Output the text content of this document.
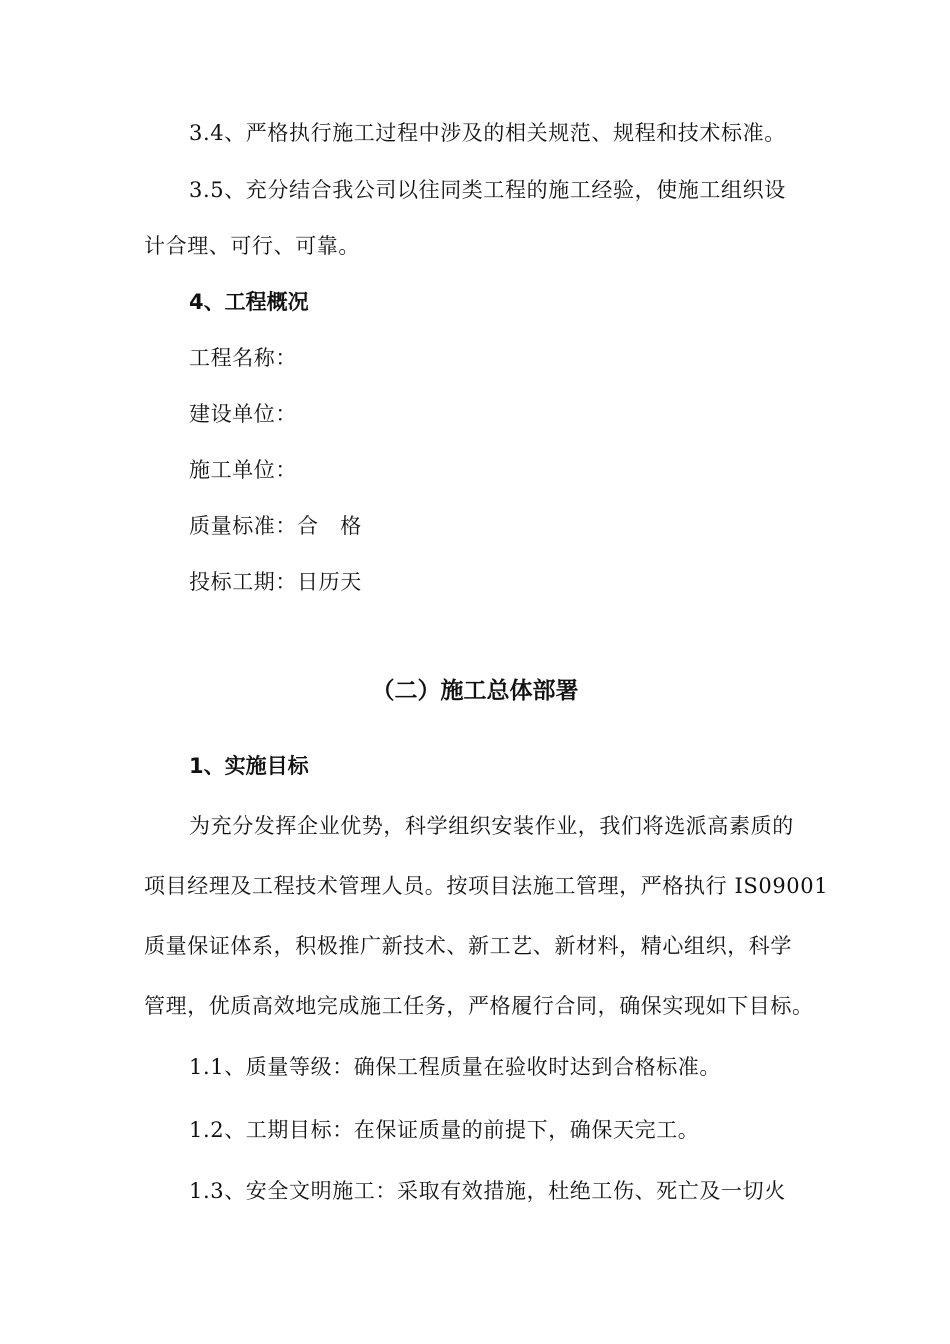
3.4、严格执行施工过程中涉及的相关规范、规程和技术标准。
3.5、充分结合我公司以往同类工程的施工经验，使施工组织设
计合理、可行、可靠。
4、工程概况
工程名称：
建设单位：
施工单位：
质量标准：合　格
投标工期：日历天
（二）施工总体部署
1、实施目标
为充分发挥企业优势，科学组织安装作业，我们将选派高素质的
项目经理及工程技术管理人员。按项目法施工管理，严格执行 IS09001
质量保证体系，积极推广新技术、新工艺、新材料，精心组织，科学
管理，优质高效地完成施工任务，严格履行合同，确保实现如下目标。
1.1、质量等级：确保工程质量在验收时达到合格标准。
1.2、工期目标：在保证质量的前提下，确保天完工。
1.3、安全文明施工：采取有效措施，杜绝工伤、死亡及一切火
